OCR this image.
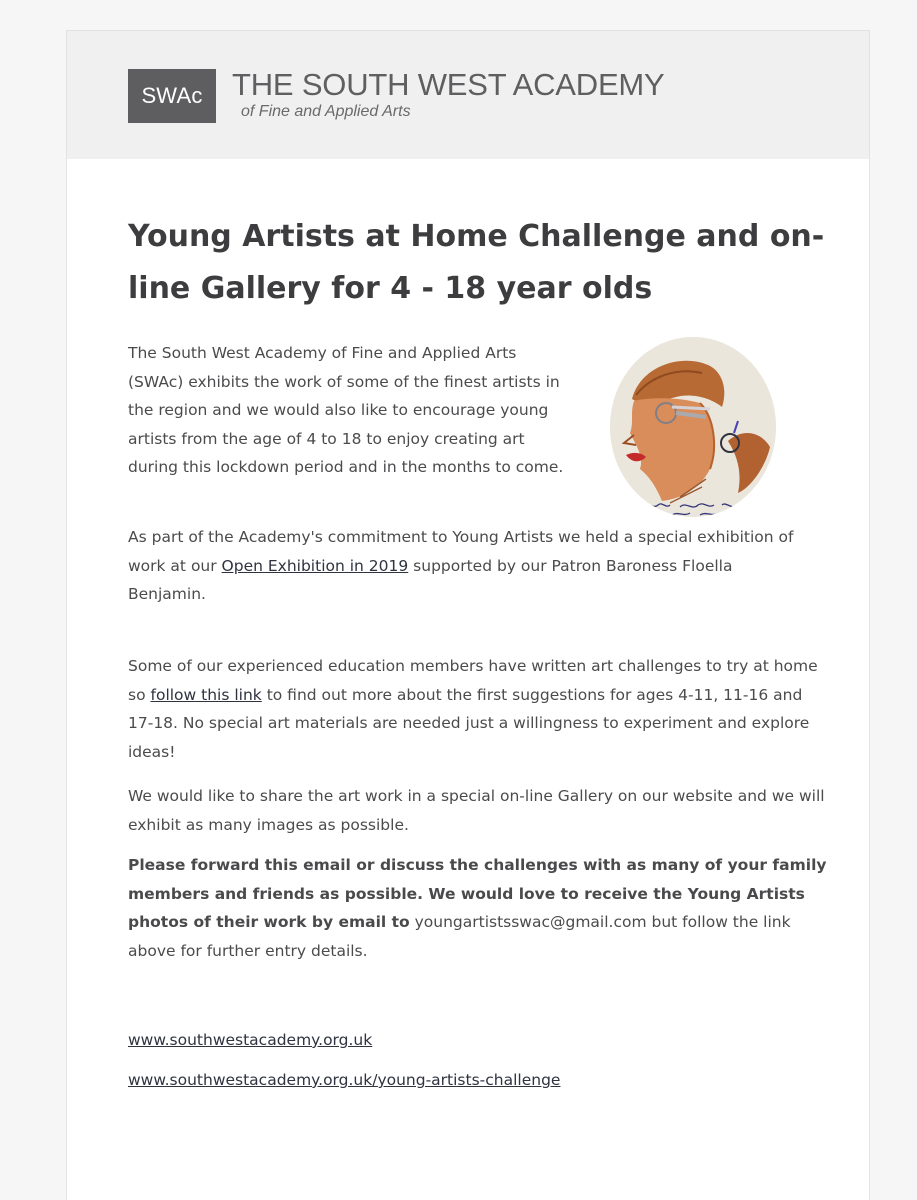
SWAc THE SOUTH WEST ACADEMY
of Fine and Applied Arts
Young Artists at Home Challenge and on-line Gallery for 4 - 18 year olds
The South West Academy of Fine and Applied Arts (SWAc) exhibits the work of some of the finest artists in the region and we would also like to encourage young artists from the age of 4 to 18 to enjoy creating art during this lockdown period and in the months to come.
As part of the Academy's commitment to Young Artists we held a special exhibition of work at our Open Exhibition in 2019 supported by our Patron Baroness Floella Benjamin.
Some of our experienced education members have written art challenges to try at home so follow this link to find out more about the first suggestions for ages 4-11, 11-16 and 17-18. No special art materials are needed just a willingness to experiment and explore ideas!
We would like to share the art work in a special on-line Gallery on our website and we will exhibit as many images as possible.
Please forward this email or discuss the challenges with as many of your family members and friends as possible. We would love to receive the Young Artists photos of their work by email to youngartistsswac@gmail.com but follow the link above for further entry details.
www.southwestacademy.org.uk
www.southwestacademy.org.uk/young-artists-challenge
